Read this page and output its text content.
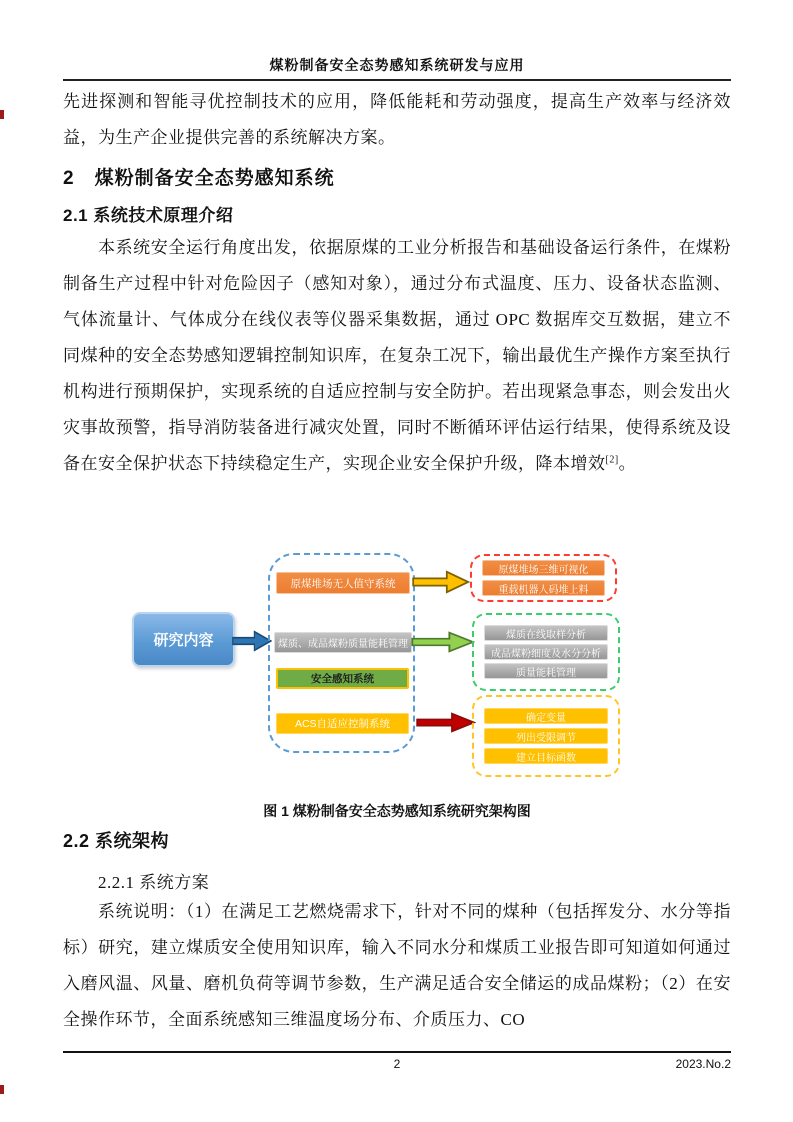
煤粉制备安全态势感知系统研发与应用

先进探测和智能寻优控制技术的应用，降低能耗和劳动强度，提高生产效率与经济效益，为生产企业提供完善的系统解决方案。

2　煤粉制备安全态势感知系统
2.1 系统技术原理介绍

本系统安全运行角度出发，依据原煤的工业分析报告和基础设备运行条件，在煤粉制备生产过程中针对危险因子（感知对象），通过分布式温度、压力、设备状态监测、气体流量计、气体成分在线仪表等仪器采集数据，通过 OPC 数据库交互数据，建立不同煤种的安全态势感知逻辑控制知识库，在复杂工况下，输出最优生产操作方案至执行机构进行预期保护，实现系统的自适应控制与安全防护。若出现紧急事态，则会发出火灾事故预警，指导消防装备进行减灾处置，同时不断循环评估运行结果，使得系统及设备在安全保护状态下持续稳定生产，实现企业安全保护升级，降本增效[2]。

研究内容
原煤堆场无人值守系统
煤质、成品煤粉质量能耗管理
安全感知系统
ACS自适应控制系统
原煤堆场三维可视化
重载机器人码堆上料
煤质在线取样分析
成品煤粉细度及水分分析
质量能耗管理
确定变量
列出受限调节
建立目标函数
图 1 煤粉制备安全态势感知系统研究架构图
2.2 系统架构
2.2.1 系统方案

系统说明：（1）在满足工艺燃烧需求下，针对不同的煤种（包括挥发分、水分等指标）研究，建立煤质安全使用知识库，输入不同水分和煤质工业报告即可知道如何通过入磨风温、风量、磨机负荷等调节参数，生产满足适合安全储运的成品煤粉；（2）在安全操作环节，全面系统感知三维温度场分布、介质压力、CO

2	2023.No.2
